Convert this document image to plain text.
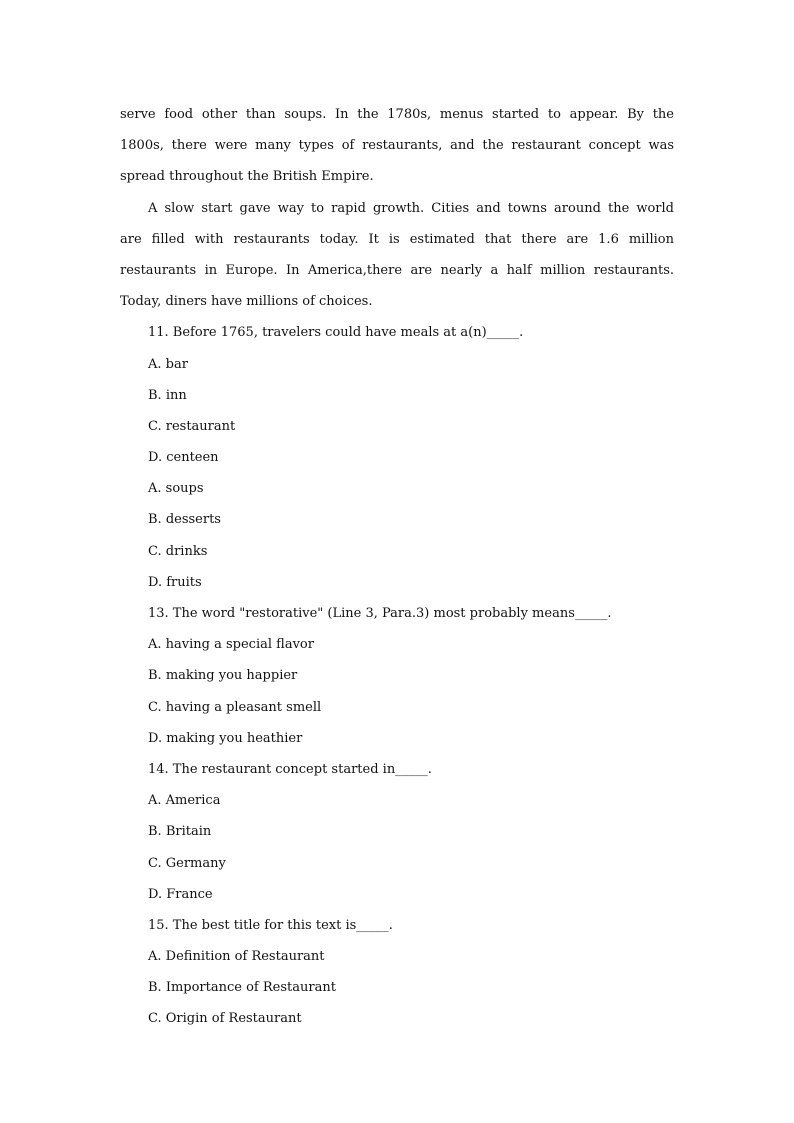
serve food other than soups. In the 1780s, menus started to appear. By the
1800s, there were many types of restaurants, and the restaurant concept was
spread throughout the British Empire.
A slow start gave way to rapid growth. Cities and towns around the world
are filled with restaurants today. It is estimated that there are 1.6 million
restaurants in Europe. In America,there are nearly a half million restaurants.
Today, diners have millions of choices.
11. Before 1765, travelers could have meals at a(n)_____.
A. bar
B. inn
C. restaurant
D. centeen
A. soups
B. desserts
C. drinks
D. fruits
13. The word "restorative" (Line 3, Para.3) most probably means_____.
A. having a special flavor
B. making you happier
C. having a pleasant smell
D. making you heathier
14. The restaurant concept started in_____.
A. America
B. Britain
C. Germany
D. France
15. The best title for this text is_____.
A. Definition of Restaurant
B. Importance of Restaurant
C. Origin of Restaurant
